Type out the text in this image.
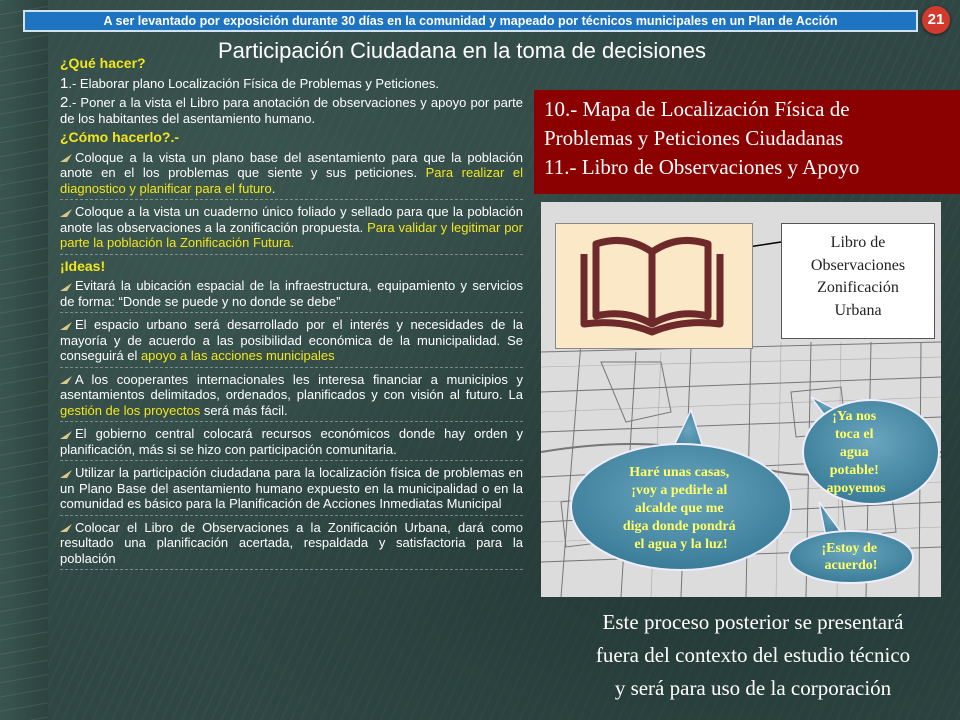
A ser levantado por exposición durante 30 días en la comunidad y mapeado por técnicos municipales en un Plan de Acción	21
Participación Ciudadana en la toma de decisiones

¿Qué hacer?

1.- Elaborar plano Localización Física de Problemas y Peticiones.

2.- Poner a la vista el Libro para anotación de observaciones y apoyo por parte de los habitantes del asentamiento humano.

¿Cómo hacerlo?.-

Coloque a la vista un plano base del asentamiento para que la población anote en el los problemas que siente y sus peticiones. Para realizar el diagnostico y planificar para el futuro.

Coloque a la vista un cuaderno único foliado y sellado para que la población anote las observaciones a la zonificación propuesta. Para validar y legitimar por parte la población la Zonificación Futura.

¡Ideas!

Evitará la ubicación espacial de la infraestructura, equipamiento y servicios de forma: “Donde se puede y no donde se debe”

El espacio urbano será desarrollado por el interés y necesidades de la mayoría y de acuerdo a las posibilidad económica de la municipalidad. Se conseguirá el apoyo a las acciones municipales

A los cooperantes internacionales les interesa financiar a municipios y asentamientos delimitados, ordenados, planificados y con visión al futuro. La gestión de los proyectos será más fácil.

El gobierno central colocará recursos económicos donde hay orden y planificación, más si se hizo con participación comunitaria.

Utilizar la participación ciudadana para la localización física de problemas en un Plano Base del asentamiento humano expuesto en la municipalidad o en la comunidad es básico para la Planificación de Acciones Inmediatas Municipal

Colocar el Libro de Observaciones a la Zonificación Urbana, dará como resultado una planificación acertada, respaldada y satisfactoria para la población

10.- Mapa de Localización Física de
Problemas y Peticiones Ciudadanas
11.- Libro de Observaciones y Apoyo
Libro de
Observaciones
Zonificación
Urbana
Haré unas casas, ¡voy a pedirle al alcalde que me diga donde pondrá el agua y la luz!
¡Ya nos toca el agua potable! apoyemos
¡Estoy de acuerdo!
Este proceso posterior se presentará
fuera del contexto del estudio técnico
y será para uso de la corporación
